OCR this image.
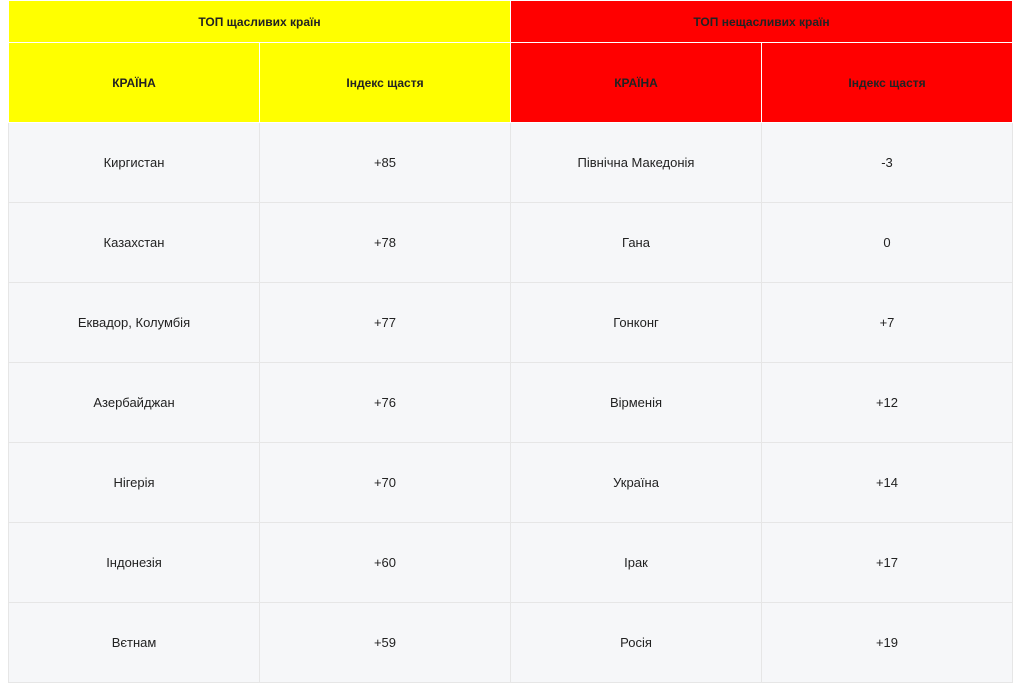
ТОП щасливих країн		ТОП нещасливих країн	
КРАЇНА	Індекс щастя	КРАЇНА	Індекс щастя
Киргистан	+85	Північна Македонія	-3
Казахстан	+78	Гана	0
Еквадор, Колумбія	+77	Гонконг	+7
Азербайджан	+76	Вірменія	+12
Нігерія	+70	Україна	+14
Індонезія	+60	Ірак	+17
Вєтнам	+59	Росія	+19
